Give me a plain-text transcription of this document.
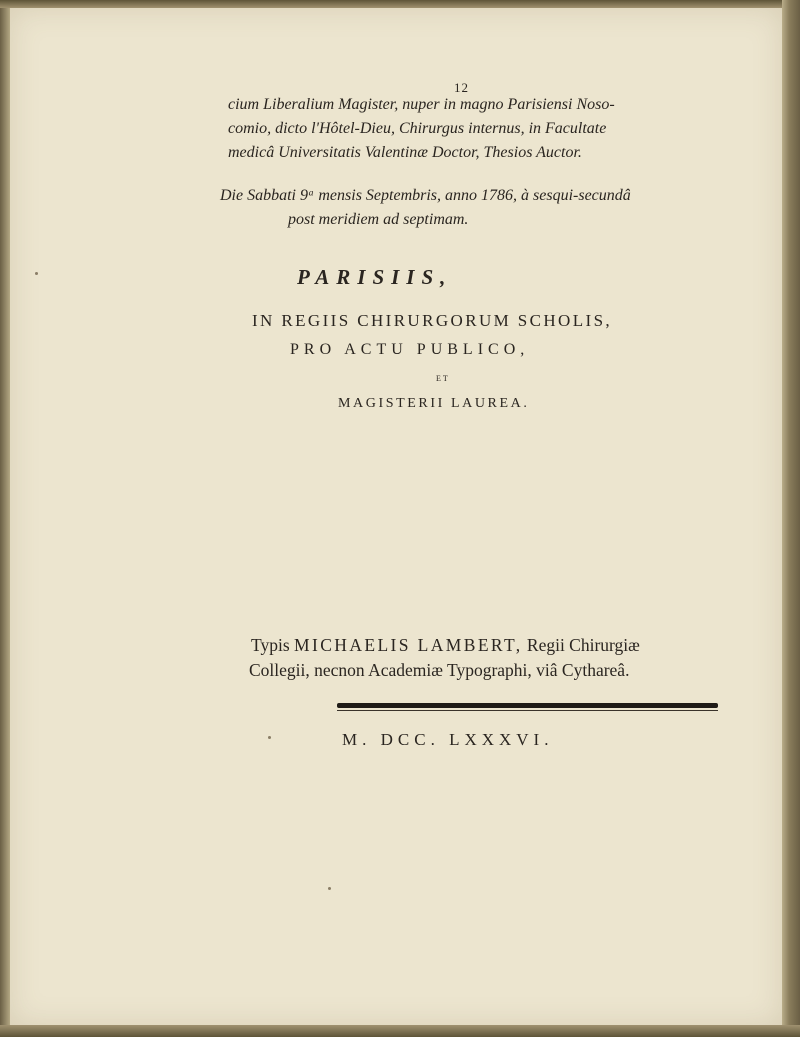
12
cium Liberalium Magister, nuper in magno Parisiensi Noso-
comio, dicto l'Hôtel-Dieu, Chirurgus internus, in Facultate
medicâ Universitatis Valentinæ Doctor, Thesios Auctor.
Die Sabbati 9ᵃ mensis Septembris, anno 1786, à sesqui-secundâ
post meridiem ad septimam.
PARISIIS,
IN REGIIS CHIRURGORUM SCHOLIS,
PRO ACTU PUBLICO,
ET
MAGISTERII LAUREA.
Typis MICHAELIS LAMBERT, Regii Chirurgiæ
Collegii, necnon Academiæ Typographi, viâ Cythareâ.
M. DCC. LXXXVI.
